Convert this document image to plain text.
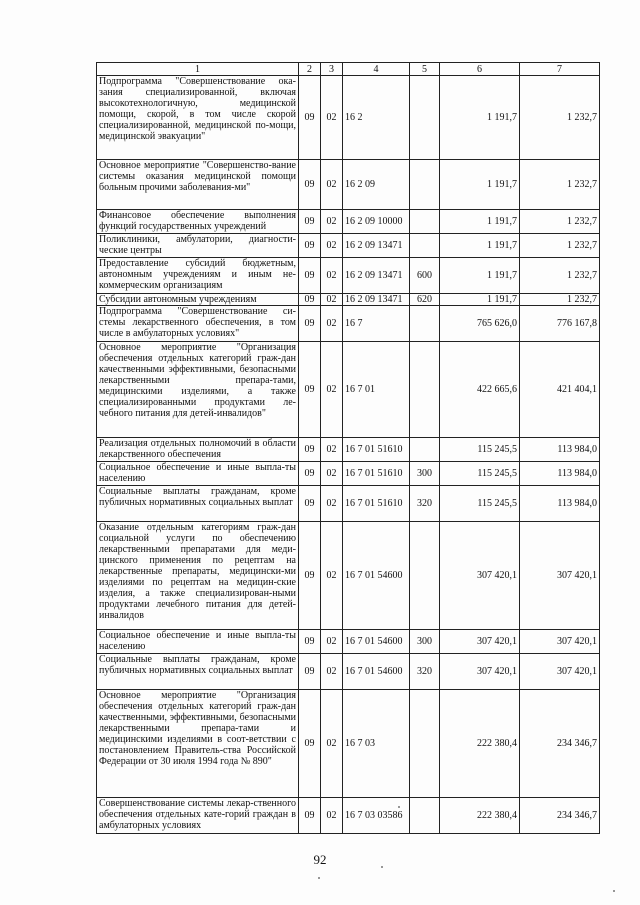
1	2	3	4	5	6	7
Подпрограмма "Совершенствование ока-зания специализированной, включая высокотехнологичную, медицинской помощи, скорой, в том числе скорой специализированной, медицинской по-мощи, медицинской эвакуации"	09	02	16 2		1 191,7	1 232,7
Основное мероприятие "Совершенство-вание системы оказания медицинской помощи больным прочими заболевания-ми"	09	02	16 2 09		1 191,7	1 232,7
Финансовое обеспечение выполнения функций государственных учреждений	09	02	16 2 09 10000		1 191,7	1 232,7
Поликлиники, амбулатории, диагности-ческие центры	09	02	16 2 09 13471		1 191,7	1 232,7
Предоставление субсидий бюджетным, автономным учреждениям и иным не-коммерческим организациям	09	02	16 2 09 13471	600	1 191,7	1 232,7
Субсидии автономным учреждениям	09	02	16 2 09 13471	620	1 191,7	1 232,7
Подпрограмма "Совершенствование си-стемы лекарственного обеспечения, в том числе в амбулаторных условиях"	09	02	16 7		765 626,0	776 167,8
Основное мероприятие "Организация обеспечения отдельных категорий граж-дан качественными эффективными, безопасными лекарственными препара-тами, медицинскими изделиями, а также специализированными продуктами ле-чебного питания для детей-инвалидов"	09	02	16 7 01		422 665,6	421 404,1
Реализация отдельных полномочий в области лекарственного обеспечения	09	02	16 7 01 51610		115 245,5	113 984,0
Социальное обеспечение и иные выпла-ты населению	09	02	16 7 01 51610	300	115 245,5	113 984,0
Социальные выплаты гражданам, кроме публичных нормативных социальных выплат	09	02	16 7 01 51610	320	115 245,5	113 984,0
Оказание отдельным категориям граж-дан социальной услуги по обеспечению лекарственными препаратами для меди-цинского применения по рецептам на лекарственные препараты, медицински-ми изделиями по рецептам на медицин-ские изделия, а также специализирован-ными продуктами лечебного питания для детей-инвалидов	09	02	16 7 01 54600		307 420,1	307 420,1
Социальное обеспечение и иные выпла-ты населению	09	02	16 7 01 54600	300	307 420,1	307 420,1
Социальные выплаты гражданам, кроме публичных нормативных социальных выплат	09	02	16 7 01 54600	320	307 420,1	307 420,1
Основное мероприятие "Организация обеспечения отдельных категорий граж-дан качественными, эффективными, безопасными лекарственными препара-тами и медицинскими изделиями в соот-ветствии с постановлением Правитель-ства Российской Федерации от 30 июля 1994 года № 890"	09	02	16 7 03		222 380,4	234 346,7
Совершенствование системы лекар-ственного обеспечения отдельных кате-горий граждан в амбулаторных условиях	09	02	16 7 03 03586		222 380,4	234 346,7
92
